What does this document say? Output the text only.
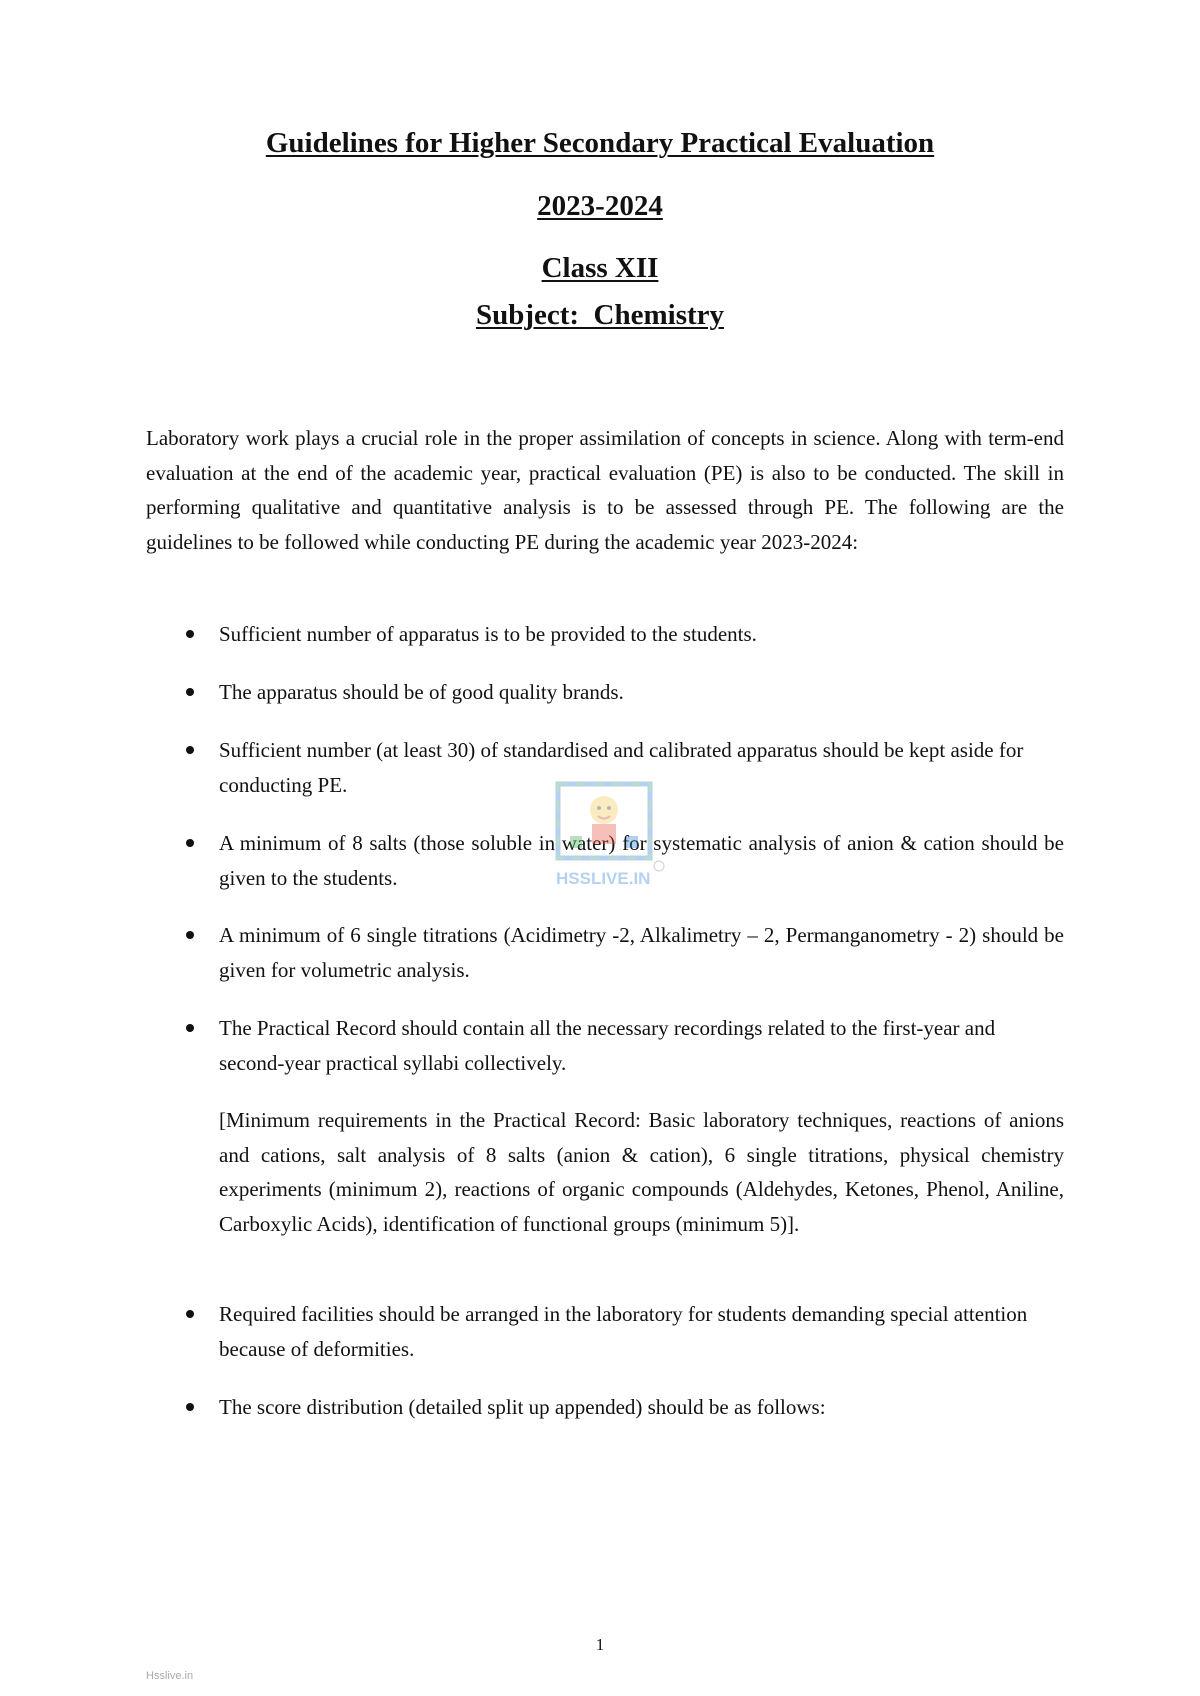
Guidelines for Higher Secondary Practical Evaluation
2023-2024
Class XII
Subject:  Chemistry

Laboratory work plays a crucial role in the proper assimilation of concepts in science. Along with term-end evaluation at the end of the academic year, practical evaluation (PE) is also to be conducted. The skill in performing qualitative and quantitative analysis is to be assessed through PE. The following are the guidelines to be followed while conducting PE during the academic year 2023-2024:

Sufficient number of apparatus is to be provided to the students.
The apparatus should be of good quality brands.
Sufficient number (at least 30) of standardised and calibrated apparatus should be kept aside for conducting PE.
A minimum of 8 salts (those soluble in water) for systematic analysis of anion & cation should be given to the students.
A minimum of 6 single titrations (Acidimetry -2, Alkalimetry – 2, Permanganometry - 2) should be given for volumetric analysis.
The Practical Record should contain all the necessary recordings related to the first-year and second-year practical syllabi collectively.
Required facilities should be arranged in the laboratory for students demanding special attention because of deformities.
The score distribution (detailed split up appended) should be as follows:

[Minimum requirements in the Practical Record: Basic laboratory techniques, reactions of anions and cations, salt analysis of 8 salts (anion & cation), 6 single titrations, physical chemistry experiments (minimum 2), reactions of organic compounds (Aldehydes, Ketones, Phenol, Aniline, Carboxylic Acids), identification of functional groups (minimum 5)].

HSSLIVE.IN
1
Hsslive.in
